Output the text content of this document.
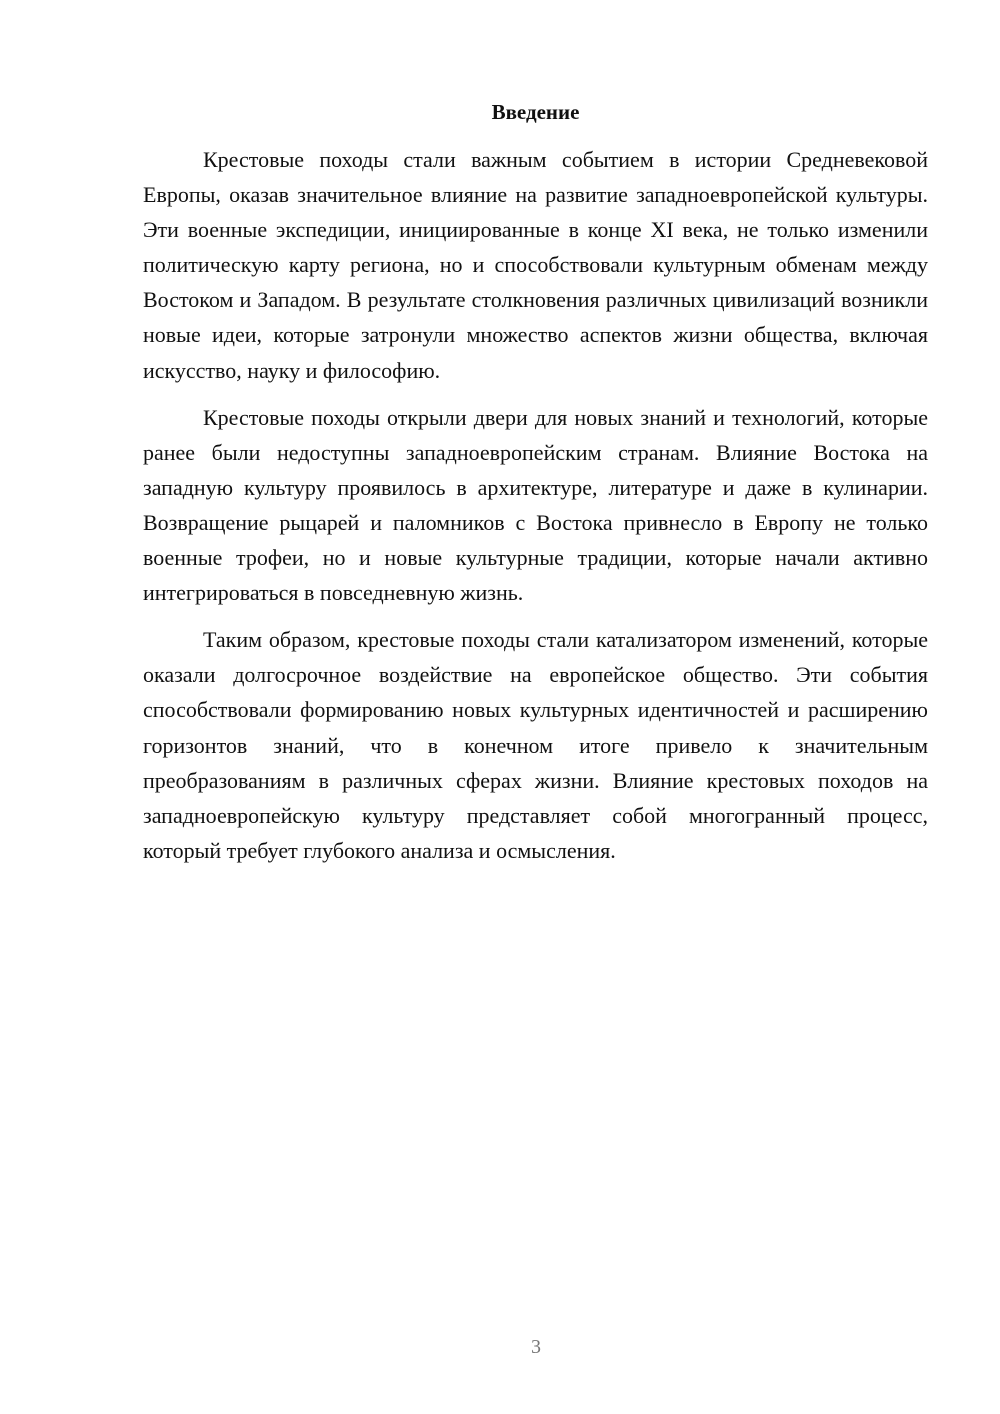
Введение

Крестовые походы стали важным событием в истории Средневековой Европы, оказав значительное влияние на развитие западноевропейской культуры. Эти военные экспедиции, инициированные в конце XI века, не только изменили политическую карту региона, но и способствовали культурным обменам между Востоком и Западом. В результате столкновения различных цивилизаций возникли новые идеи, которые затронули множество аспектов жизни общества, включая искусство, науку и философию.

Крестовые походы открыли двери для новых знаний и технологий, которые ранее были недоступны западноевропейским странам. Влияние Востока на западную культуру проявилось в архитектуре, литературе и даже в кулинарии. Возвращение рыцарей и паломников с Востока привнесло в Европу не только военные трофеи, но и новые культурные традиции, которые начали активно интегрироваться в повседневную жизнь.

Таким образом, крестовые походы стали катализатором изменений, которые оказали долгосрочное воздействие на европейское общество. Эти события способствовали формированию новых культурных идентичностей и расширению горизонтов знаний, что в конечном итоге привело к значительным преобразованиям в различных сферах жизни. Влияние крестовых походов на западноевропейскую культуру представляет собой многогранный процесс, который требует глубокого анализа и осмысления.

3
